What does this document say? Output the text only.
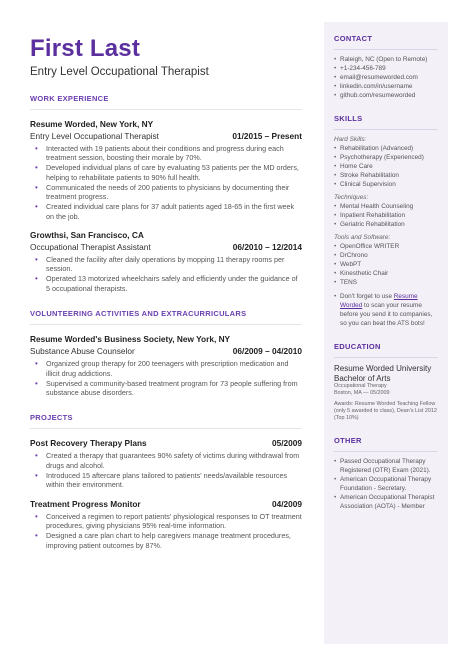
First Last
Entry Level Occupational Therapist
WORK EXPERIENCE
Resume Worded, New York, NY
Entry Level Occupational Therapist	01/2015 – Present
• Interacted with 19 patients about their conditions and progress during each treatment session, boosting their morale by 70%.
• Developed individual plans of care by evaluating 53 patients per the MD orders, helping to rehabilitate patients to 90% full health.
• Communicated the needs of 200 patients to physicians by documenting their treatment progress.
• Created individual care plans for 37 adult patients aged 18-65 in the first week on the job.
Growthsi, San Francisco, CA
Occupational Therapist Assistant	06/2010 – 12/2014
• Cleaned the facility after daily operations by mopping 11 therapy rooms per session.
• Operated 13 motorized wheelchairs safely and efficiently under the guidance of 5 occupational therapists.
VOLUNTEERING ACTIVITIES AND EXTRACURRICULARS
Resume Worded's Business Society, New York, NY
Substance Abuse Counselor	06/2009 – 04/2010
• Organized group therapy for 200 teenagers with prescription medication and illicit drug addictions.
• Supervised a community-based treatment program for 73 people suffering from substance abuse disorders.
PROJECTS
Post Recovery Therapy Plans	05/2009
• Created a therapy that guarantees 90% safety of victims during withdrawal from drugs and alcohol.
• Introduced 15 aftercare plans tailored to patients' needs/available resources within their environment.
Treatment Progress Monitor	04/2009
• Conceived a regimen to report patients' physiological responses to OT treatment procedures, giving physicians 95% real-time information.
• Designed a care plan chart to help caregivers manage treatment procedures, improving patient outcomes by 87%.
CONTACT
• Raleigh, NC (Open to Remote)
• +1-234-456-789
• email@resumeworded.com
• linkedin.com/in/username
• github.com/resumeworded
SKILLS
Hard Skills:
• Rehabilitation (Advanced)
• Psychotherapy (Experienced)
• Home Care
• Stroke Rehabilitation
• Clinical Supervision
Techniques:
• Mental Health Counseling
• Inpatient Rehabilitation
• Geriatric Rehabilitation
Tools and Software:
• OpenOffice WRITER
• DrChrono
• WebPT
• Kinesthetic Chair
• TENS
• Don't forget to use Resume Worded to scan your resume before you send it to companies, so you can beat the ATS bots!
EDUCATION
Resume Worded University
Bachelor of Arts
Occupational Therapy
Boston, MA — 05/2009
Awards: Resume Worded Teaching Fellow (only 5 awarded to class), Dean's List 2012 (Top 10%)
OTHER
• Passed Occupational Therapy Registered (OTR) Exam (2021).
• American Occupational Therapy Foundation - Secretary.
• American Occupational Therapist Association (AOTA) - Member
